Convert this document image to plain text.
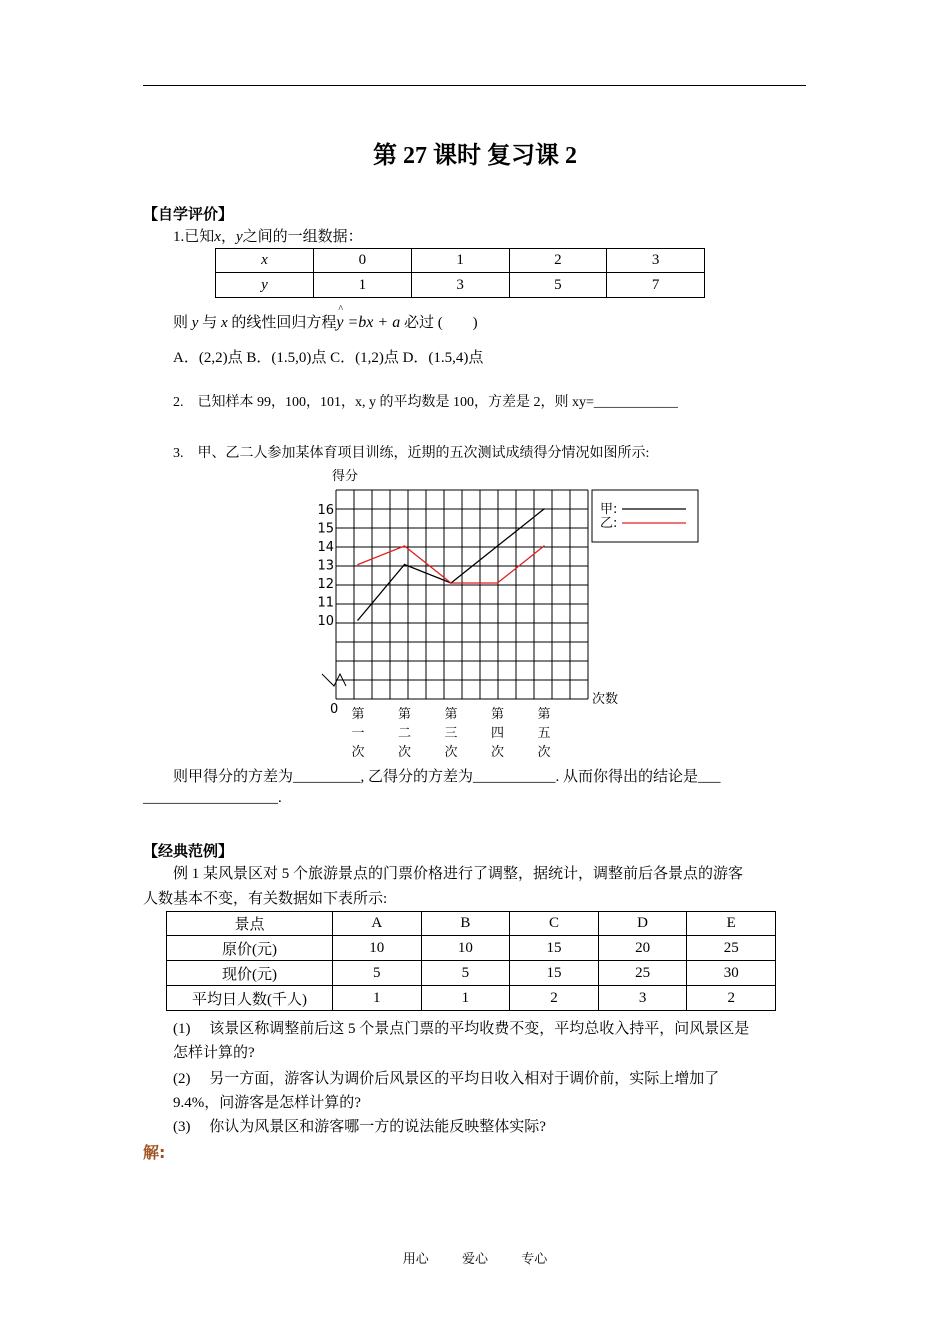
第 27 课时 复习课 2
【自学评价】
1.已知x，y之间的一组数据：
x	0	1	2	3
y	1	3	5	7
则 y 与 x 的线性回归方程
^
y =bx + a 必过 (　　)
A．(2,2)点 B．(1.5,0)点 C．(1,2)点 D．(1.5,4)点
2.　已知样本 99，100，101，x, y 的平均数是 100，方差是 2，则 xy=____________
3.　甲、乙二人参加某体育项目训练，近期的五次测试成绩得分情况如图所示:
得分
次数
0
10
11
12
13
14
15
16
第
一
次
第
二
次
第
三
次
第
四
次
第
五
次
甲:
乙:
则甲得分的方差为_________, 乙得分的方差为___________. 从而你得出的结论是___
__________________.
【经典范例】
例 1 某风景区对 5 个旅游景点的门票价格进行了调整，据统计，调整前后各景点的游客
人数基本不变，有关数据如下表所示:
景点	A	B	C	D	E
原价(元)	10	10	15	20	25
现价(元)	5	5	15	25	30
平均日人数(千人)	1	1	2	3	2
(1)　 该景区称调整前后这 5 个景点门票的平均收费不变，平均总收入持平，问风景区是
怎样计算的?
(2)　 另一方面，游客认为调价后风景区的平均日收入相对于调价前，实际上增加了
9.4%，问游客是怎样计算的?
(3)　 你认为风景区和游客哪一方的说法能反映整体实际?
解:
用心 爱心 专心
